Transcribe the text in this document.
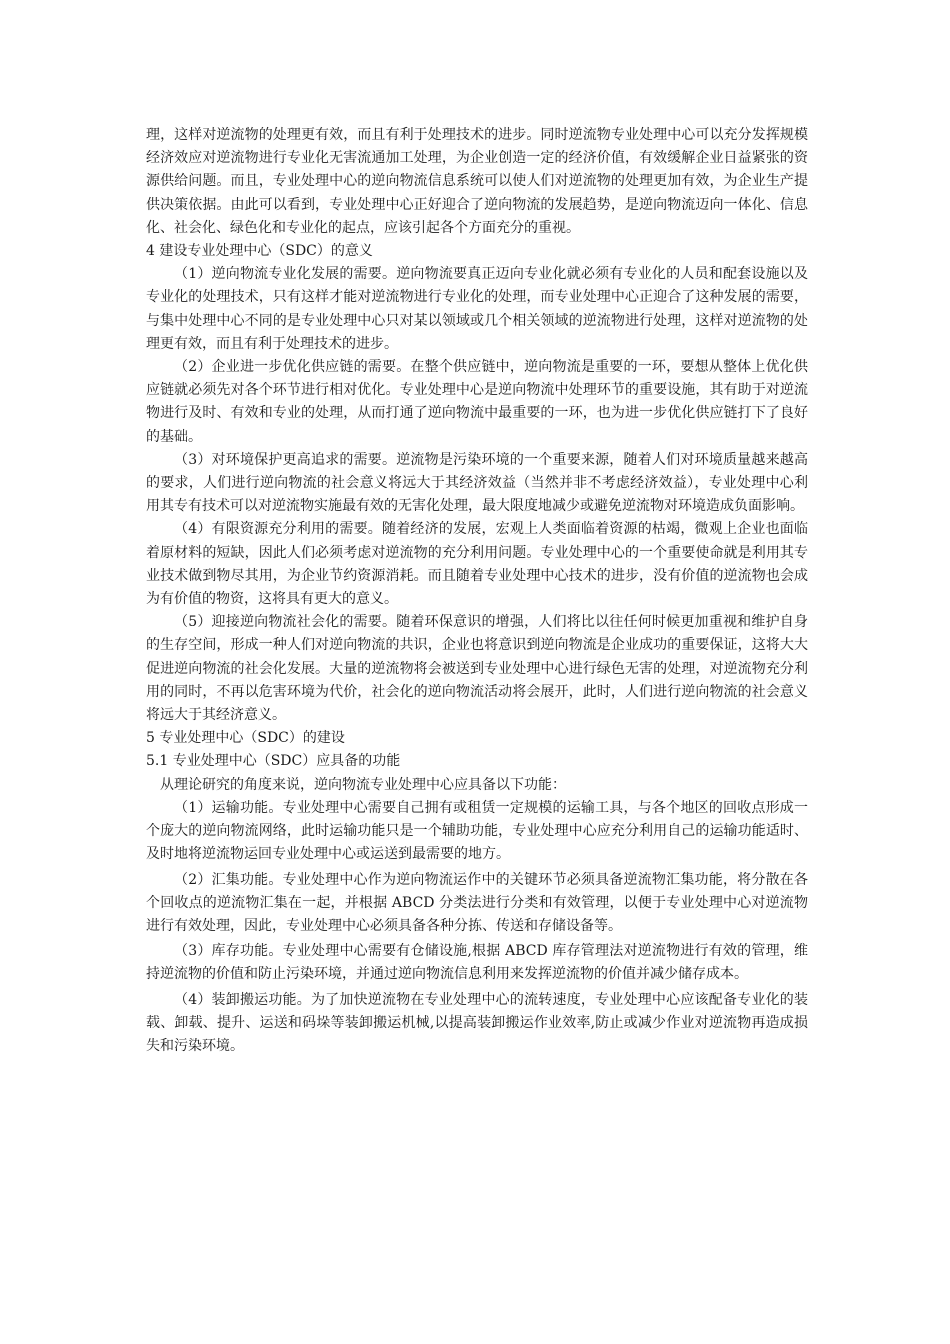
理，这样对逆流物的处理更有效，而且有利于处理技术的进步。同时逆流物专业处理中心可以充分发挥规模经济效应对逆流物进行专业化无害流通加工处理，为企业创造一定的经济价值，有效缓解企业日益紧张的资源供给问题。而且，专业处理中心的逆向物流信息系统可以使人们对逆流物的处理更加有效，为企业生产提供决策依据。由此可以看到，专业处理中心正好迎合了逆向物流的发展趋势，是逆向物流迈向一体化、信息化、社会化、绿色化和专业化的起点，应该引起各个方面充分的重视。

4 建设专业处理中心（SDC）的意义

（1）逆向物流专业化发展的需要。逆向物流要真正迈向专业化就必须有专业化的人员和配套设施以及专业化的处理技术，只有这样才能对逆流物进行专业化的处理，而专业处理中心正迎合了这种发展的需要，与集中处理中心不同的是专业处理中心只对某以领域或几个相关领域的逆流物进行处理，这样对逆流物的处理更有效，而且有利于处理技术的进步。

（2）企业进一步优化供应链的需要。在整个供应链中，逆向物流是重要的一环，要想从整体上优化供应链就必须先对各个环节进行相对优化。专业处理中心是逆向物流中处理环节的重要设施，其有助于对逆流物进行及时、有效和专业的处理，从而打通了逆向物流中最重要的一环，也为进一步优化供应链打下了良好的基础。

（3）对环境保护更高追求的需要。逆流物是污染环境的一个重要来源，随着人们对环境质量越来越高的要求，人们进行逆向物流的社会意义将远大于其经济效益（当然并非不考虑经济效益），专业处理中心利用其专有技术可以对逆流物实施最有效的无害化处理，最大限度地减少或避免逆流物对环境造成负面影响。

（4）有限资源充分利用的需要。随着经济的发展，宏观上人类面临着资源的枯竭，微观上企业也面临着原材料的短缺，因此人们必须考虑对逆流物的充分利用问题。专业处理中心的一个重要使命就是利用其专业技术做到物尽其用，为企业节约资源消耗。而且随着专业处理中心技术的进步，没有价值的逆流物也会成为有价值的物资，这将具有更大的意义。

（5）迎接逆向物流社会化的需要。随着环保意识的增强，人们将比以往任何时候更加重视和维护自身的生存空间，形成一种人们对逆向物流的共识，企业也将意识到逆向物流是企业成功的重要保证，这将大大促进逆向物流的社会化发展。大量的逆流物将会被送到专业处理中心进行绿色无害的处理，对逆流物充分利用的同时，不再以危害环境为代价，社会化的逆向物流活动将会展开，此时，人们进行逆向物流的社会意义将远大于其经济意义。

5 专业处理中心（SDC）的建设

5.1 专业处理中心（SDC）应具备的功能

从理论研究的角度来说，逆向物流专业处理中心应具备以下功能：

（1）运输功能。专业处理中心需要自己拥有或租赁一定规模的运输工具，与各个地区的回收点形成一个庞大的逆向物流网络，此时运输功能只是一个辅助功能，专业处理中心应充分利用自己的运输功能适时、及时地将逆流物运回专业处理中心或运送到最需要的地方。

（2）汇集功能。专业处理中心作为逆向物流运作中的关键环节必须具备逆流物汇集功能，将分散在各个回收点的逆流物汇集在一起，并根据 ABCD 分类法进行分类和有效管理，以便于专业处理中心对逆流物进行有效处理，因此，专业处理中心必须具备各种分拣、传送和存储设备等。

（3）库存功能。专业处理中心需要有仓储设施,根据 ABCD 库存管理法对逆流物进行有效的管理，维持逆流物的价值和防止污染环境，并通过逆向物流信息利用来发挥逆流物的价值并减少储存成本。

（4）装卸搬运功能。为了加快逆流物在专业处理中心的流转速度，专业处理中心应该配备专业化的装载、卸载、提升、运送和码垛等装卸搬运机械,以提高装卸搬运作业效率,防止或减少作业对逆流物再造成损失和污染环境。
